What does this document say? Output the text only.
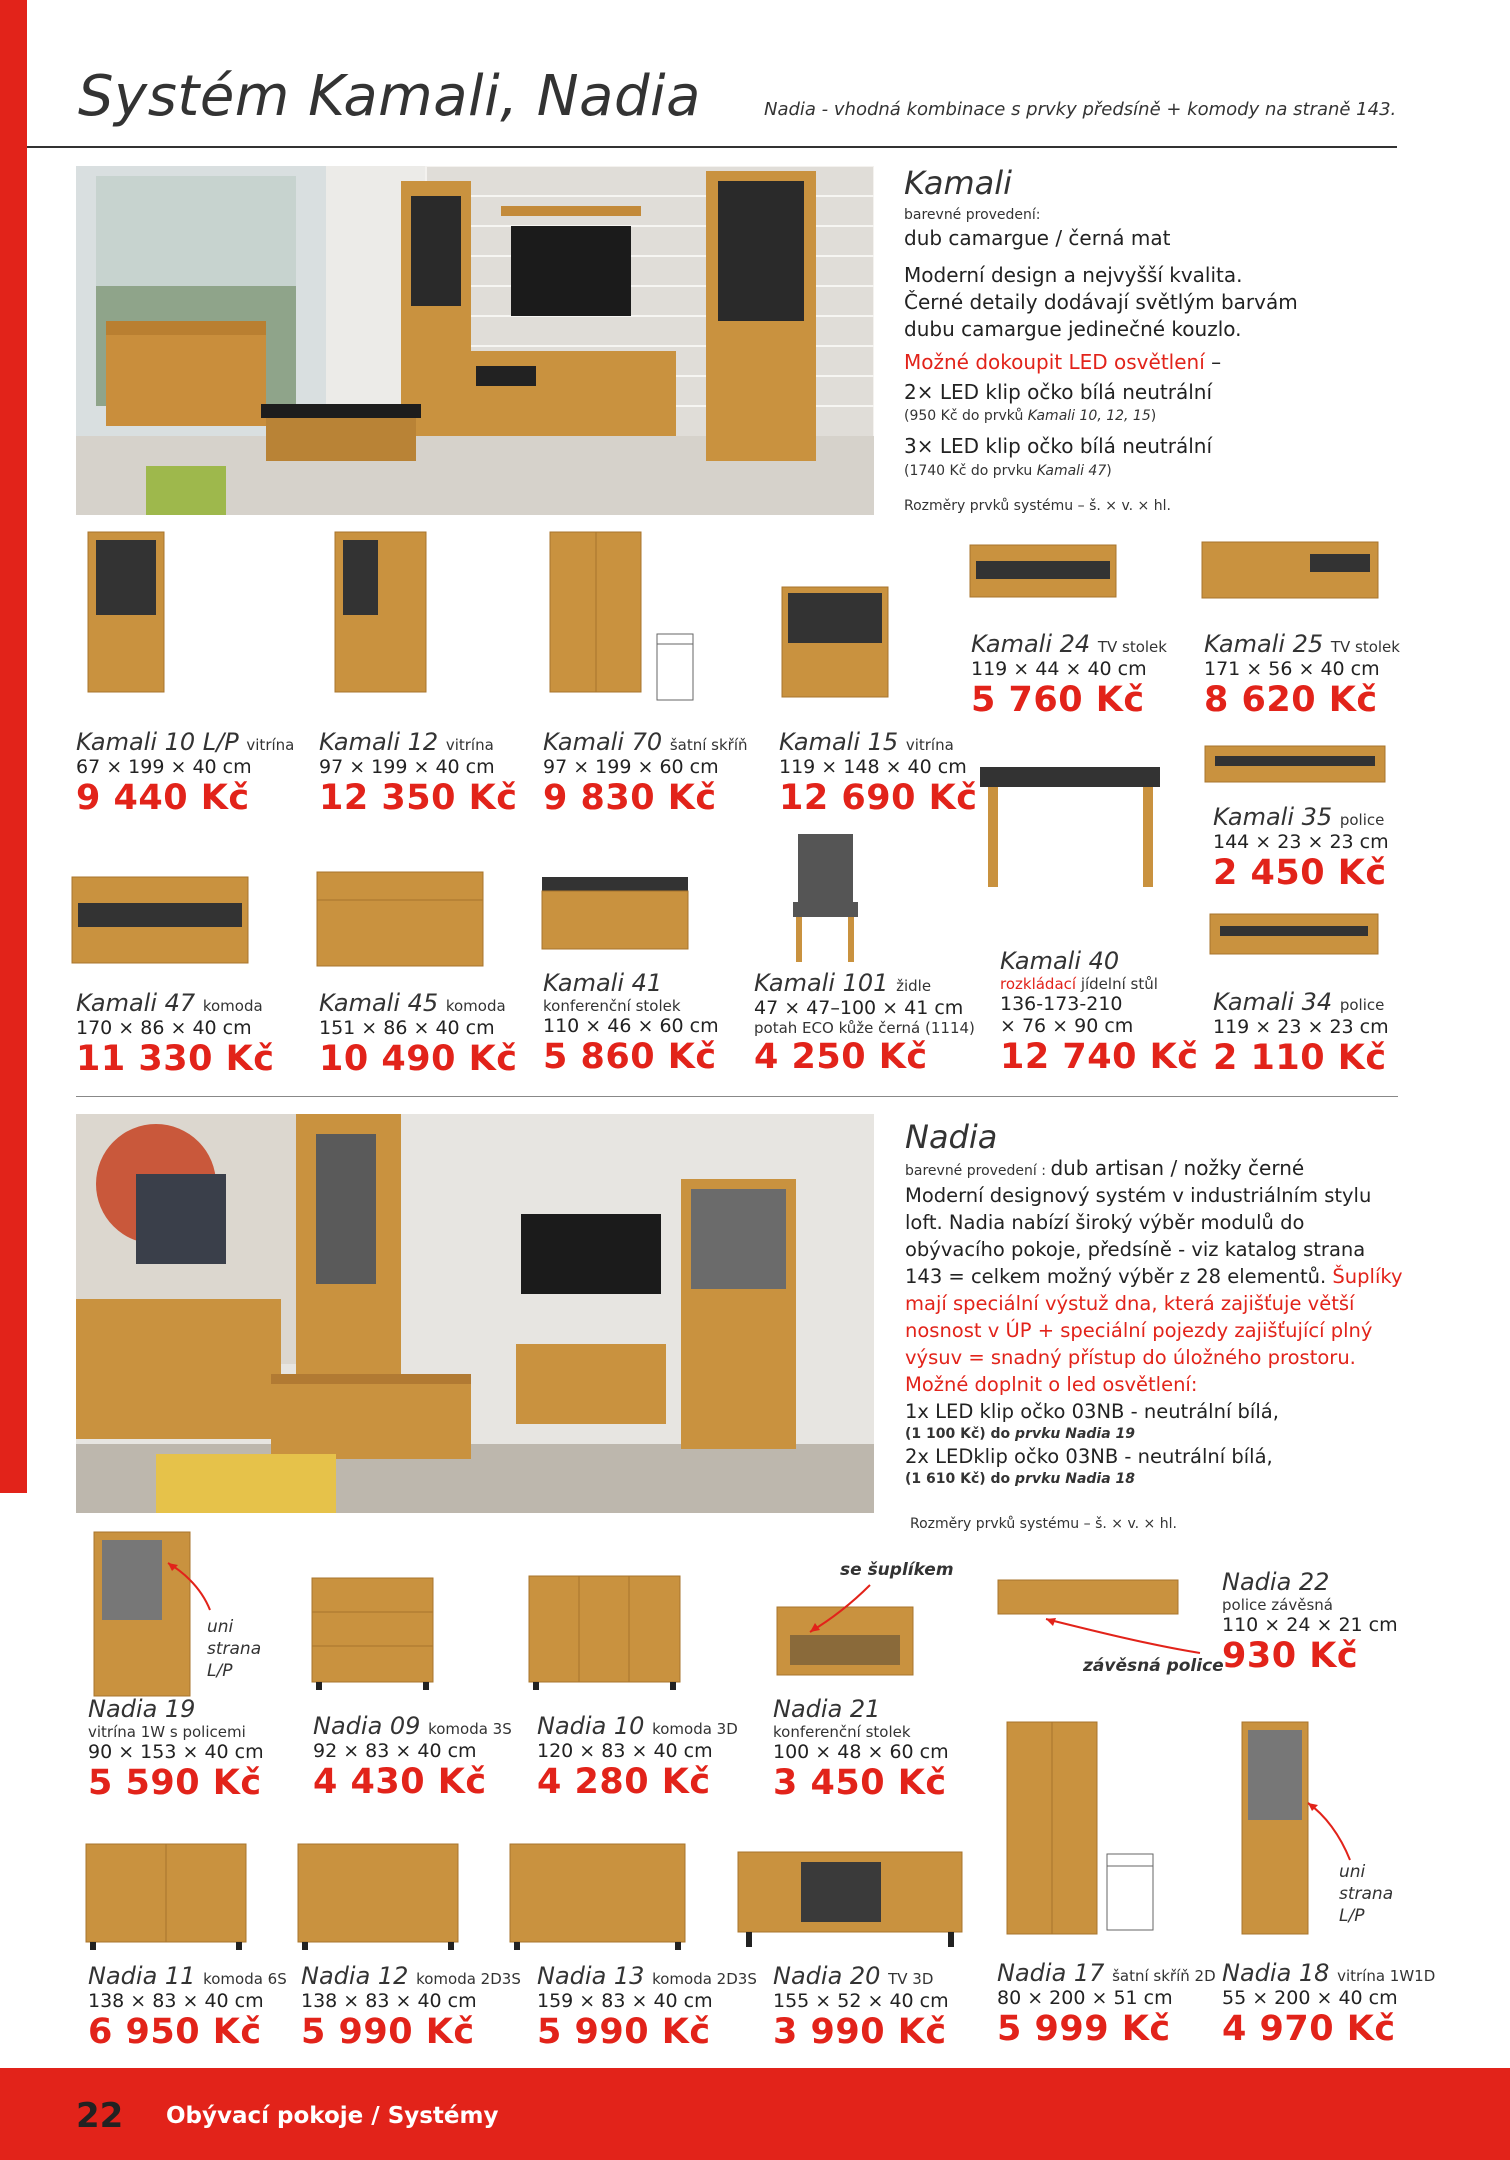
Systém Kamali, Nadia	Nadia - vhodná kombinace s prvky předsíně + komody na straně 143.
Kamali
barevné provedení:
dub camargue / černá mat
Moderní design a nejvyšší kvalita.
Černé detaily dodávají světlým barvám
dubu camargue jedinečné kouzlo.
Možné dokoupit LED osvětlení –
2× LED klip očko bílá neutrální
(950 Kč do prvků Kamali 10, 12, 15)
3× LED klip očko bílá neutrální
(1740 Kč do prvku Kamali 47)
Rozměry prvků systému – š. × v. × hl.
Kamali 10 L/P vitrína
67 × 199 × 40 cm
9 440 Kč
Kamali 12 vitrína
97 × 199 × 40 cm
12 350 Kč
Kamali 70 šatní skříň
97 × 199 × 60 cm
9 830 Kč
Kamali 15 vitrína
119 × 148 × 40 cm
12 690 Kč
Kamali 24 TV stolek
119 × 44 × 40 cm
5 760 Kč
Kamali 25 TV stolek
171 × 56 × 40 cm
8 620 Kč
Kamali 35 police
144 × 23 × 23 cm
2 450 Kč
Kamali 47 komoda
170 × 86 × 40 cm
11 330 Kč
Kamali 45 komoda
151 × 86 × 40 cm
10 490 Kč
Kamali 41
konferenční stolek
110 × 46 × 60 cm
5 860 Kč
Kamali 101 židle
47 × 47–100 × 41 cm
potah ECO kůže černá (1114)
4 250 Kč
Kamali 40
rozkládací jídelní stůl
136-173-210
× 76 × 90 cm
12 740 Kč
Kamali 34 police
119 × 23 × 23 cm
2 110 Kč
Nadia
barevné provedení : dub artisan / nožky černé
Moderní designový systém v industriálním stylu
loft. Nadia nabízí široký výběr modulů do
obývacího pokoje, předsíně - viz katalog strana
143 = celkem možný výběr z 28 elementů. Šuplíky
mají speciální výstuž dna, která zajišťuje větší
nosnost v ÚP + speciální pojezdy zajišťující plný
výsuv = snadný přístup do úložného prostoru.
Možné doplnit o led osvětlení:
1x LED klip očko 03NB - neutrální bílá,
(1 100 Kč) do prvku Nadia 19
2x LEDklip očko 03NB - neutrální bílá,
(1 610 Kč) do prvku Nadia 18
Rozměry prvků systému – š. × v. × hl.
uni
strana
L/P
se šuplíkem
závěsná police
uni
strana
L/P
Nadia 19
vitrína 1W s policemi
90 × 153 × 40 cm
5 590 Kč
Nadia 09 komoda 3S
92 × 83 × 40 cm
4 430 Kč
Nadia 10 komoda 3D
120 × 83 × 40 cm
4 280 Kč
Nadia 21
konferenční stolek
100 × 48 × 60 cm
3 450 Kč
Nadia 22
police závěsná
110 × 24 × 21 cm
930 Kč
Nadia 11 komoda 6S
138 × 83 × 40 cm
6 950 Kč
Nadia 12 komoda 2D3S
138 × 83 × 40 cm
5 990 Kč
Nadia 13 komoda 2D3S
159 × 83 × 40 cm
5 990 Kč
Nadia 20 TV 3D
155 × 52 × 40 cm
3 990 Kč
Nadia 17 šatní skříň 2D
80 × 200 × 51 cm
5 999 Kč
Nadia 18 vitrína 1W1D
55 × 200 × 40 cm
4 970 Kč
22 Obývací pokoje / Systémy
